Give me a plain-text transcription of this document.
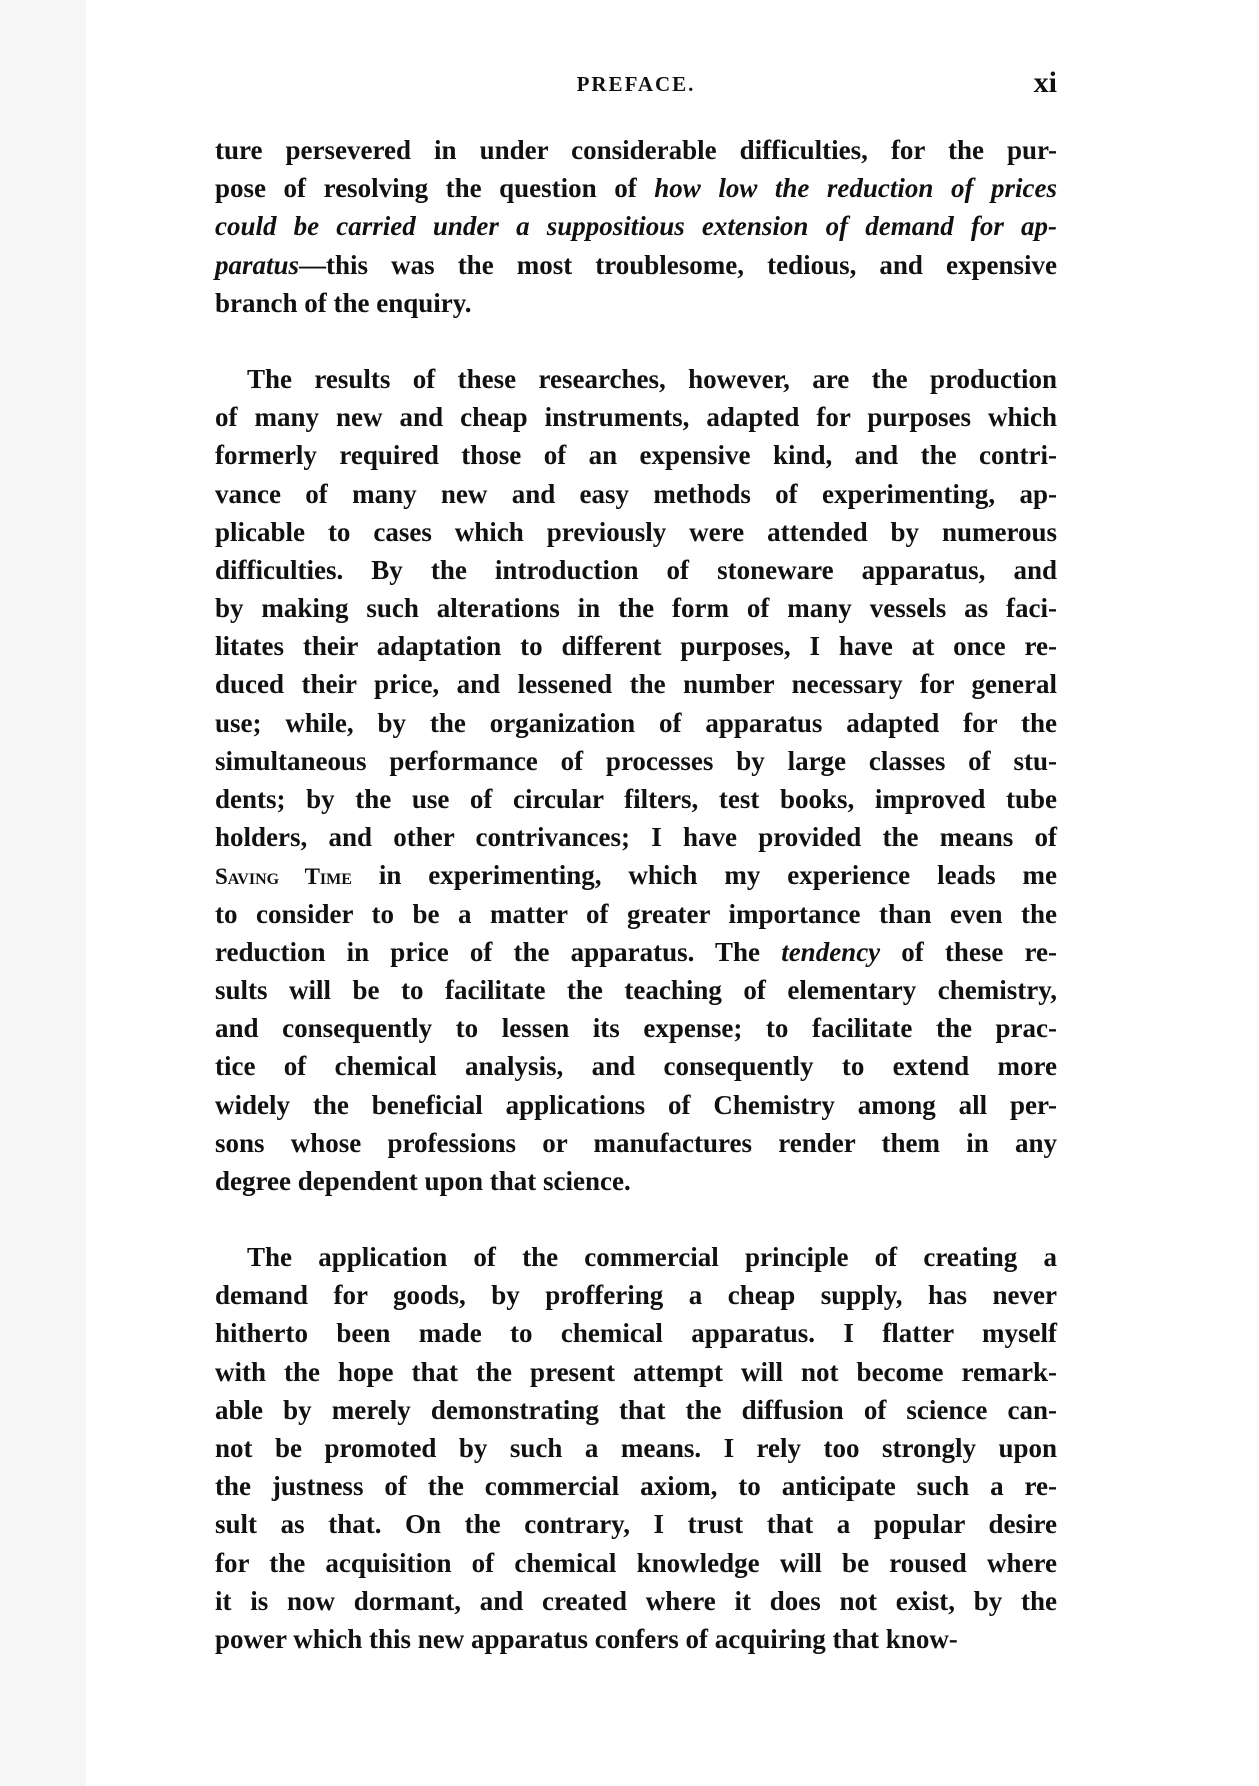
PREFACE.	xi
ture persevered in under considerable difficulties, for the pur-
pose of resolving the question of how low the reduction of prices
could be carried under a suppositious extension of demand for ap-
paratus—this was the most troublesome, tedious, and expensive
branch of the enquiry.
The results of these researches, however, are the production
of many new and cheap instruments, adapted for purposes which
formerly required those of an expensive kind, and the contri-
vance of many new and easy methods of experimenting, ap-
plicable to cases which previously were attended by numerous
difficulties. By the introduction of stoneware apparatus, and
by making such alterations in the form of many vessels as faci-
litates their adaptation to different purposes, I have at once re-
duced their price, and lessened the number necessary for general
use; while, by the organization of apparatus adapted for the
simultaneous performance of processes by large classes of stu-
dents; by the use of circular filters, test books, improved tube
holders, and other contrivances; I have provided the means of
Saving Time in experimenting, which my experience leads me
to consider to be a matter of greater importance than even the
reduction in price of the apparatus. The tendency of these re-
sults will be to facilitate the teaching of elementary chemistry,
and consequently to lessen its expense; to facilitate the prac-
tice of chemical analysis, and consequently to extend more
widely the beneficial applications of Chemistry among all per-
sons whose professions or manufactures render them in any
degree dependent upon that science.
The application of the commercial principle of creating a
demand for goods, by proffering a cheap supply, has never
hitherto been made to chemical apparatus. I flatter myself
with the hope that the present attempt will not become remark-
able by merely demonstrating that the diffusion of science can-
not be promoted by such a means. I rely too strongly upon
the justness of the commercial axiom, to anticipate such a re-
sult as that. On the contrary, I trust that a popular desire
for the acquisition of chemical knowledge will be roused where
it is now dormant, and created where it does not exist, by the
power which this new apparatus confers of acquiring that know-
